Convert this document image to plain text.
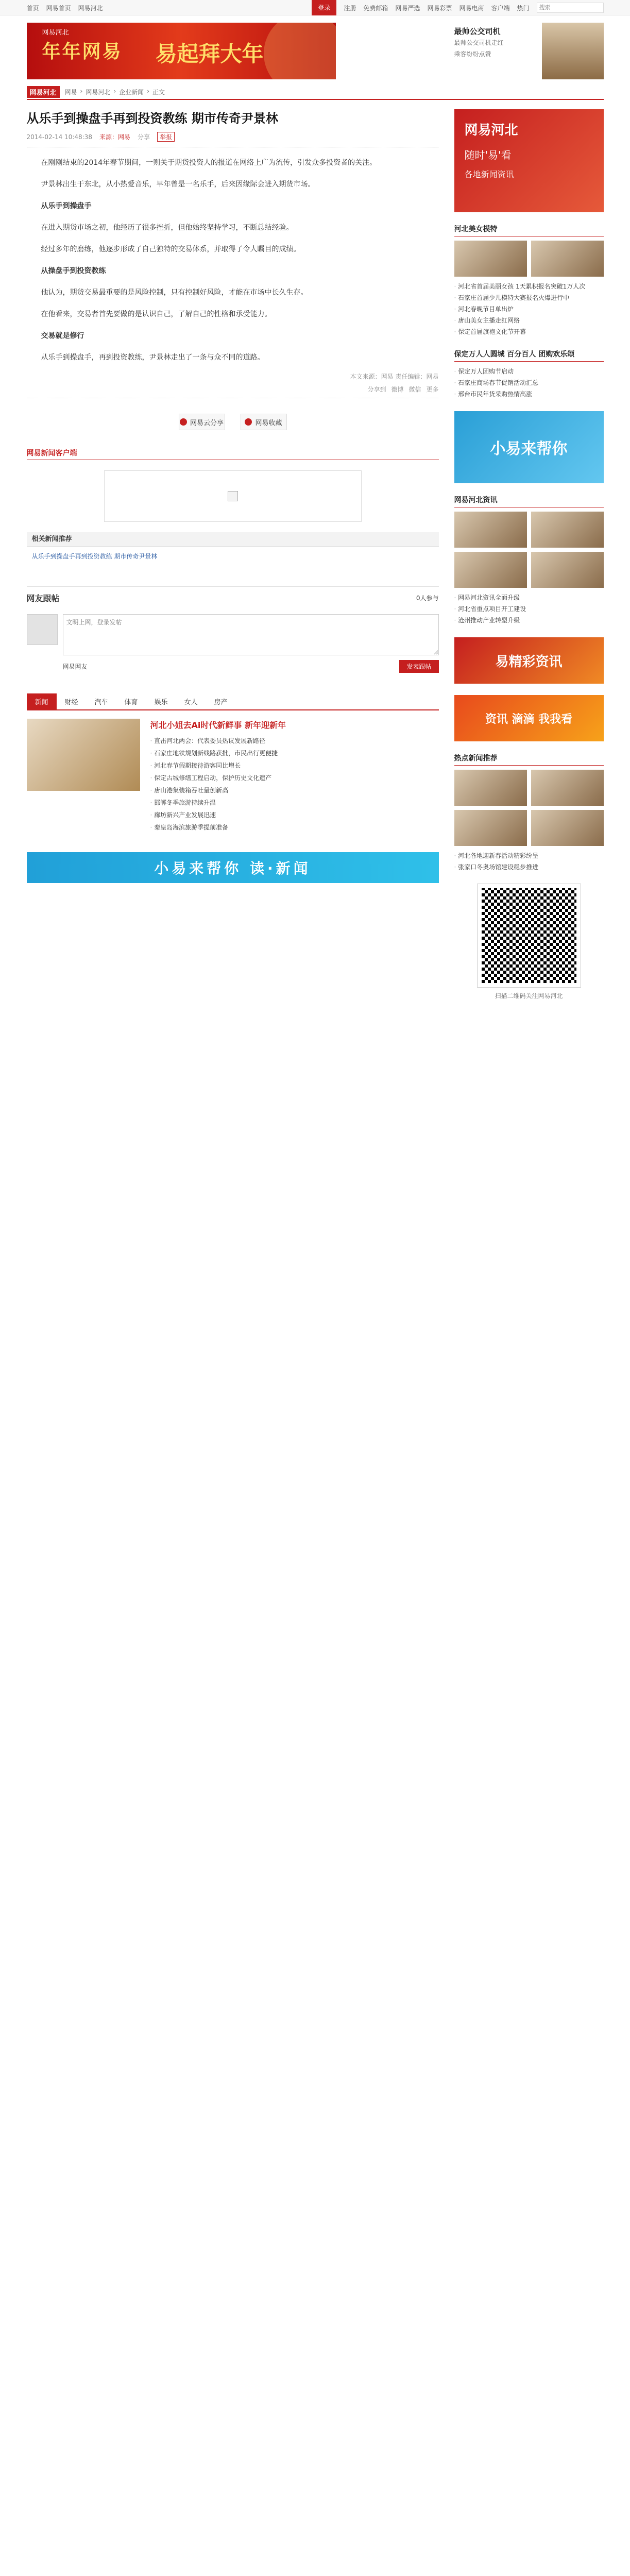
首页 网易首页 网易河北	登录	注册 免费邮箱 网易严选 网易彩票 网易电商 客户端 热门
搜索
网易河北
年年网易 易起拜大年
最帅公交司机
最帅公交司机走红
乘客纷纷点赞
网易河北	网易 › 网易河北 › 企业新闻 › 正文
从乐手到操盘手再到投资教练 期市传奇尹景林
2014-02-14 10:48:38 来源：网易 分享	举报

在刚刚结束的2014年春节期间，一则关于期货投资人的报道在网络上广为流传，引发众多投资者的关注。

尹景林出生于东北，从小热爱音乐，早年曾是一名乐手，后来因缘际会进入期货市场。

从乐手到操盘手

在进入期货市场之初，他经历了很多挫折，但他始终坚持学习，不断总结经验。

经过多年的磨练，他逐步形成了自己独特的交易体系，并取得了令人瞩目的成绩。

从操盘手到投资教练

他认为，期货交易最重要的是风险控制，只有控制好风险，才能在市场中长久生存。

在他看来，交易者首先要做的是认识自己，了解自己的性格和承受能力。

交易就是修行

从乐手到操盘手，再到投资教练，尹景林走出了一条与众不同的道路。

本文来源：网易 责任编辑：网易
分享到 微博 微信 更多
网易云分享	网易收藏
网易新闻客户端
相关新闻推荐
从乐手到操盘手再到投资教练 期市传奇尹景林
网友跟帖	0人参与
文明上网，登录发帖
网易网友	发表跟帖
新闻	财经	汽车	体育	娱乐	女人	房产
河北小姐去Ai时代新鲜事 新年迎新年
· 直击河北两会：代表委员热议发展新路径
· 石家庄地铁规划新线路获批，市民出行更便捷
· 河北春节假期接待游客同比增长
· 保定古城修缮工程启动，保护历史文化遗产
· 唐山港集装箱吞吐量创新高
· 邯郸冬季旅游持续升温
· 廊坊新兴产业发展迅速
· 秦皇岛海滨旅游季提前准备
小易来帮你 读·新闻
网易河北
随时'易'看
各地新闻资讯
河北美女模特
· 河北省首届美丽女孩 1天累积报名突破1万人次
· 石家庄首届少儿模特大赛报名火爆进行中
· 河北春晚节目单出炉
· 唐山美女主播走红网络
· 保定首届旗袍文化节开幕
保定万人人圆城 百分百人 团购欢乐颂
· 保定万人团购节启动
· 石家庄商场春节促销活动汇总
· 邢台市民年货采购热情高涨
小易来帮你
网易河北资讯
· 网易河北资讯全面升级
· 河北省重点项目开工建设
· 沧州推动产业转型升级
易精彩资讯
资讯 滴滴 我我看
热点新闻推荐
· 河北各地迎新春活动精彩纷呈
· 张家口冬奥场馆建设稳步推进
扫描二维码关注网易河北
